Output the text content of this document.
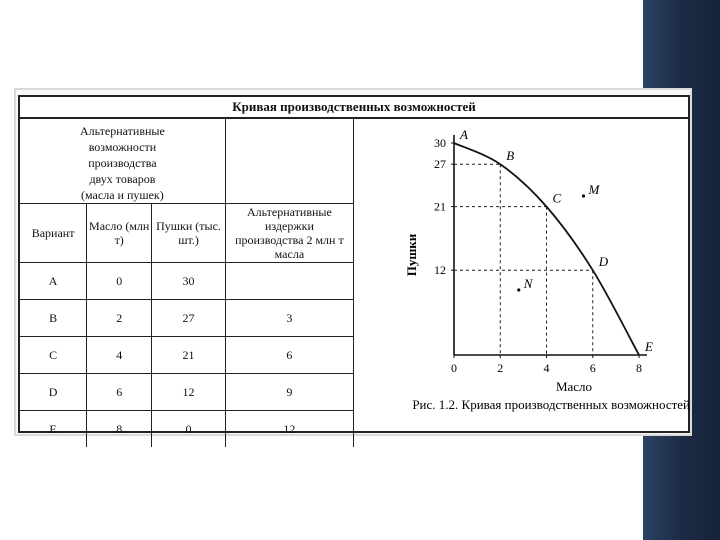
Кривая производственных возможностей
Альтернативные возможности производства двух товаров (масла и пушек)			
Вариант	Масло (млн т)	Пушки (тыс. шт.)	Альтернативные издержки производства 2 млн т масла
A	0	30	
B	2	27	3
C	4	21	6
D	6	12	9
E	8	0	12
A
B
C
D
E
M
N
12
21
27
30
0	2	4	6	8
Рис. 1.2. Кривая производственных возможностей
Масло
Пушки
